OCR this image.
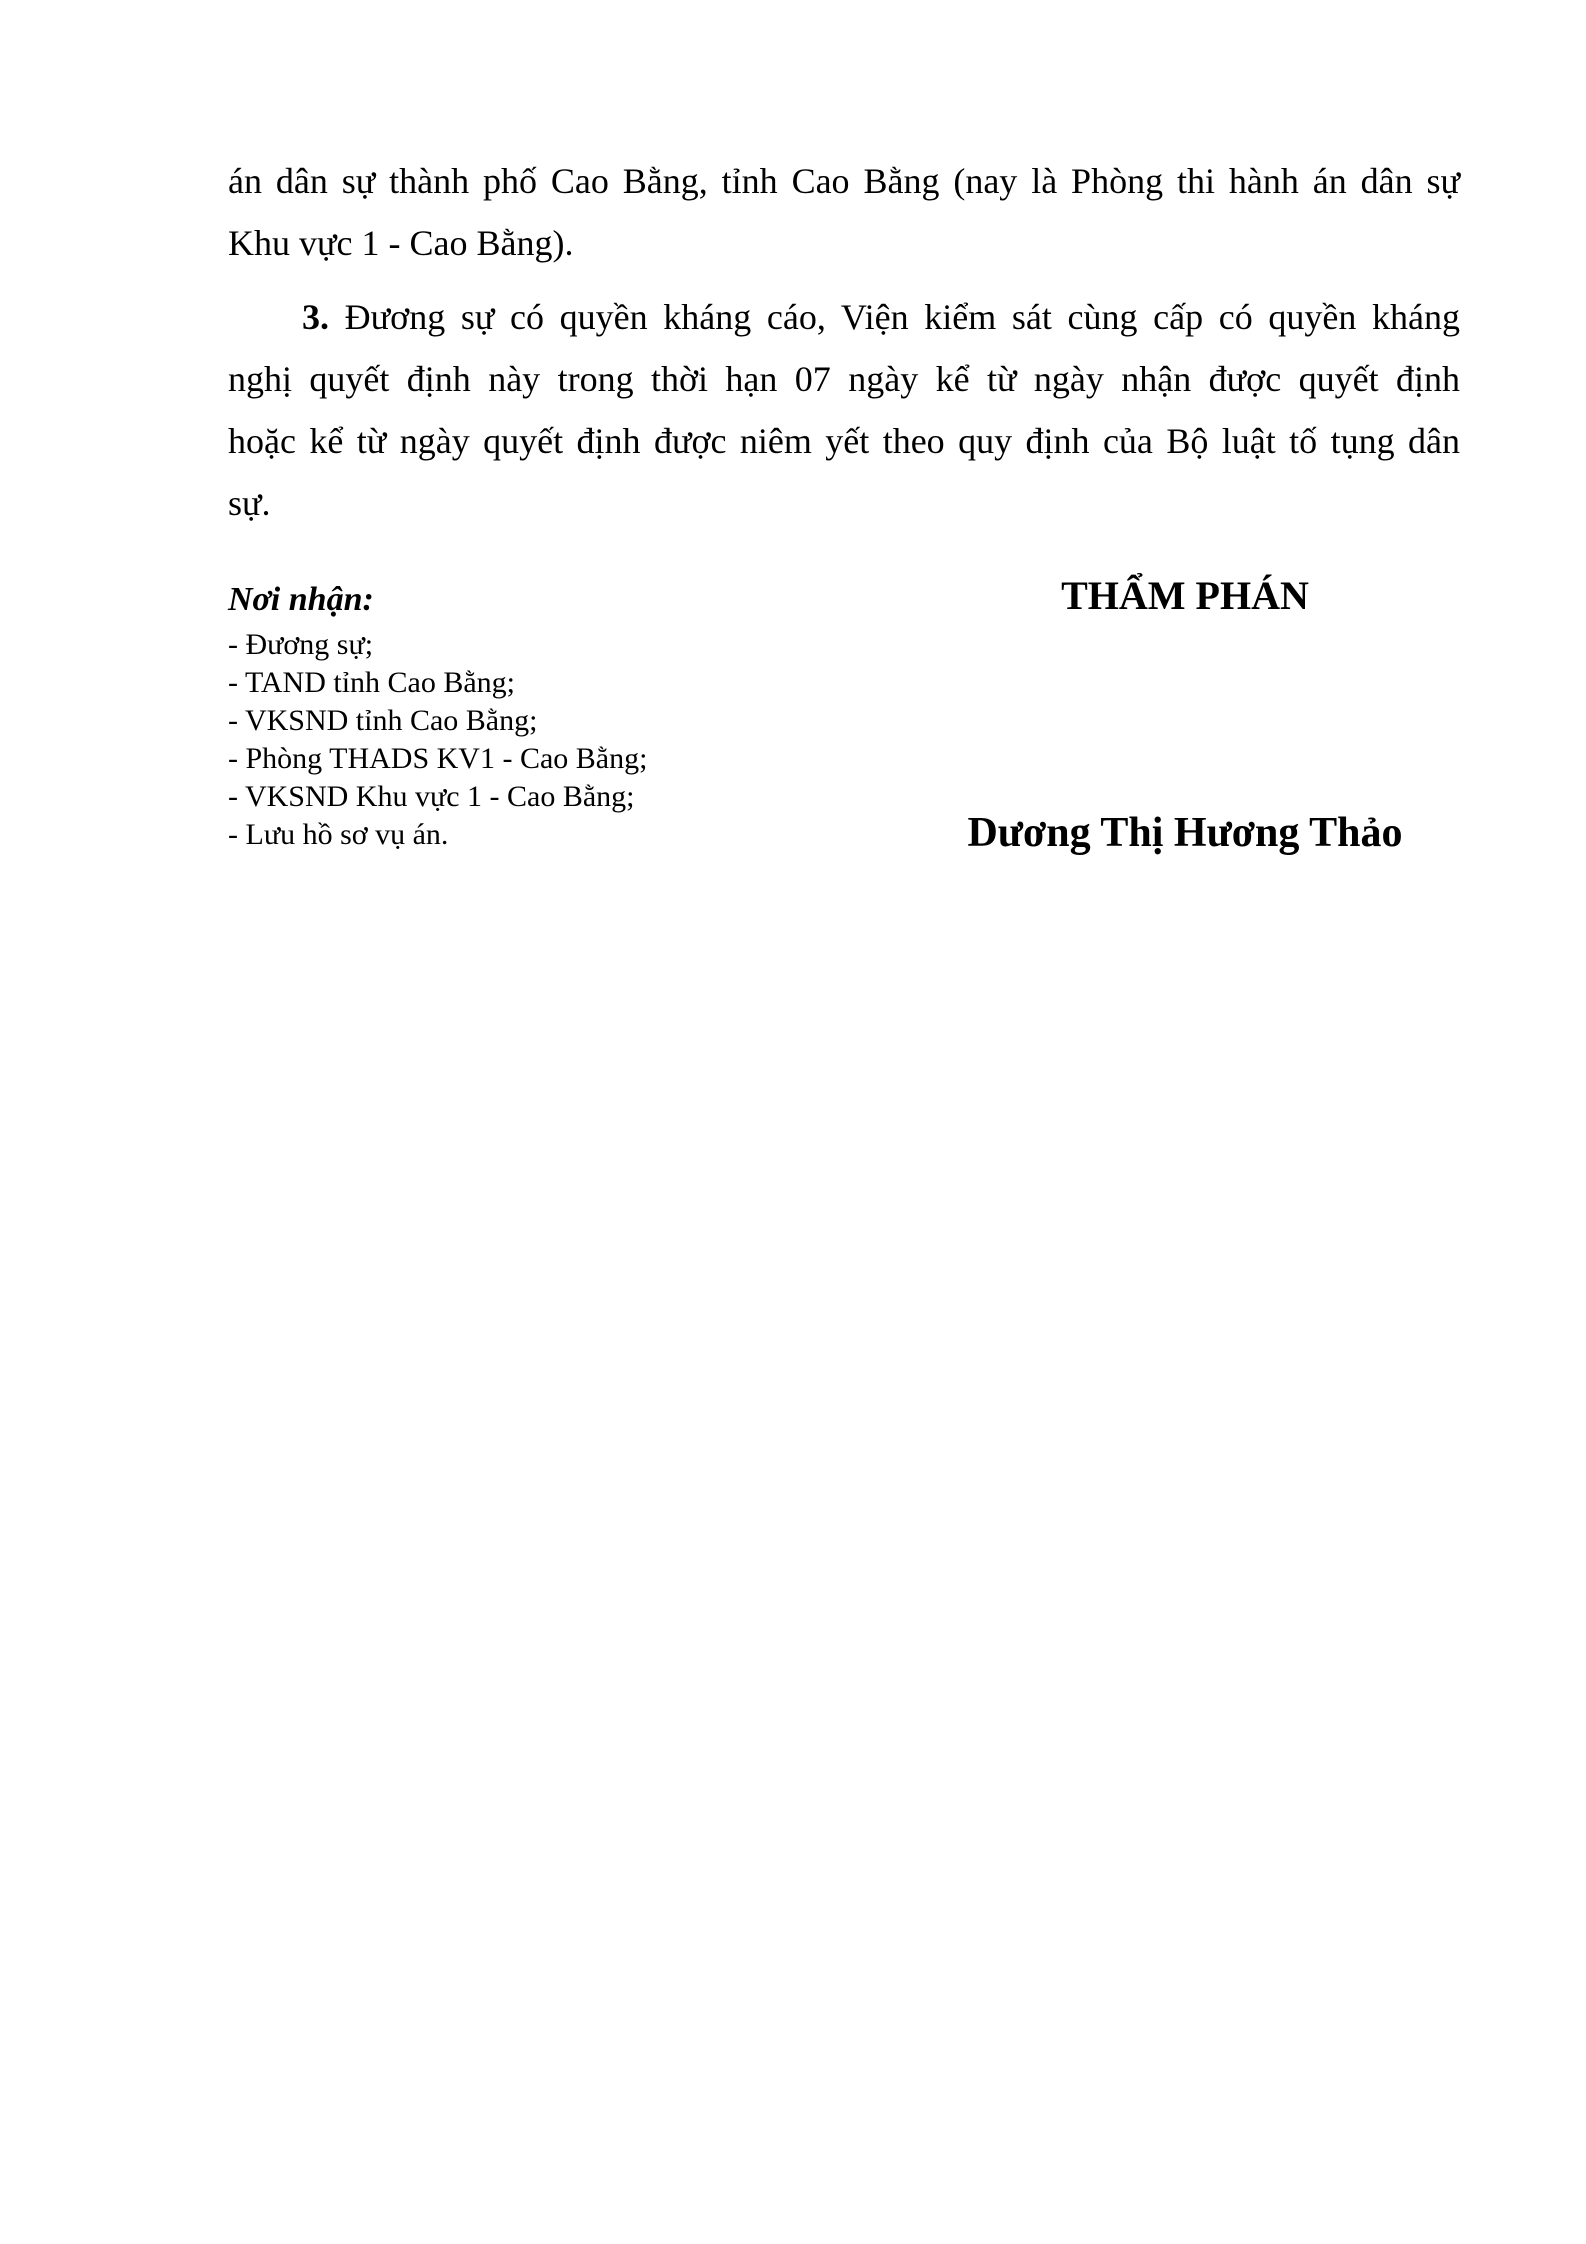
án dân sự thành phố Cao Bằng, tỉnh Cao Bằng (nay là Phòng thi hành án dân sự
Khu vực 1 - Cao Bằng).
3. Đương sự có quyền kháng cáo, Viện kiểm sát cùng cấp có quyền kháng
nghị quyết định này trong thời hạn 07 ngày kể từ ngày nhận được quyết định
hoặc kể từ ngày quyết định được niêm yết theo quy định của Bộ luật tố tụng dân
sự.
Nơi nhận:
- Đương sự;
- TAND tỉnh Cao Bằng;
- VKSND tỉnh Cao Bằng;
- Phòng THADS KV1 - Cao Bằng;
- VKSND Khu vực 1 - Cao Bằng;
- Lưu hồ sơ vụ án.
THẨM PHÁN
Dương Thị Hương Thảo
